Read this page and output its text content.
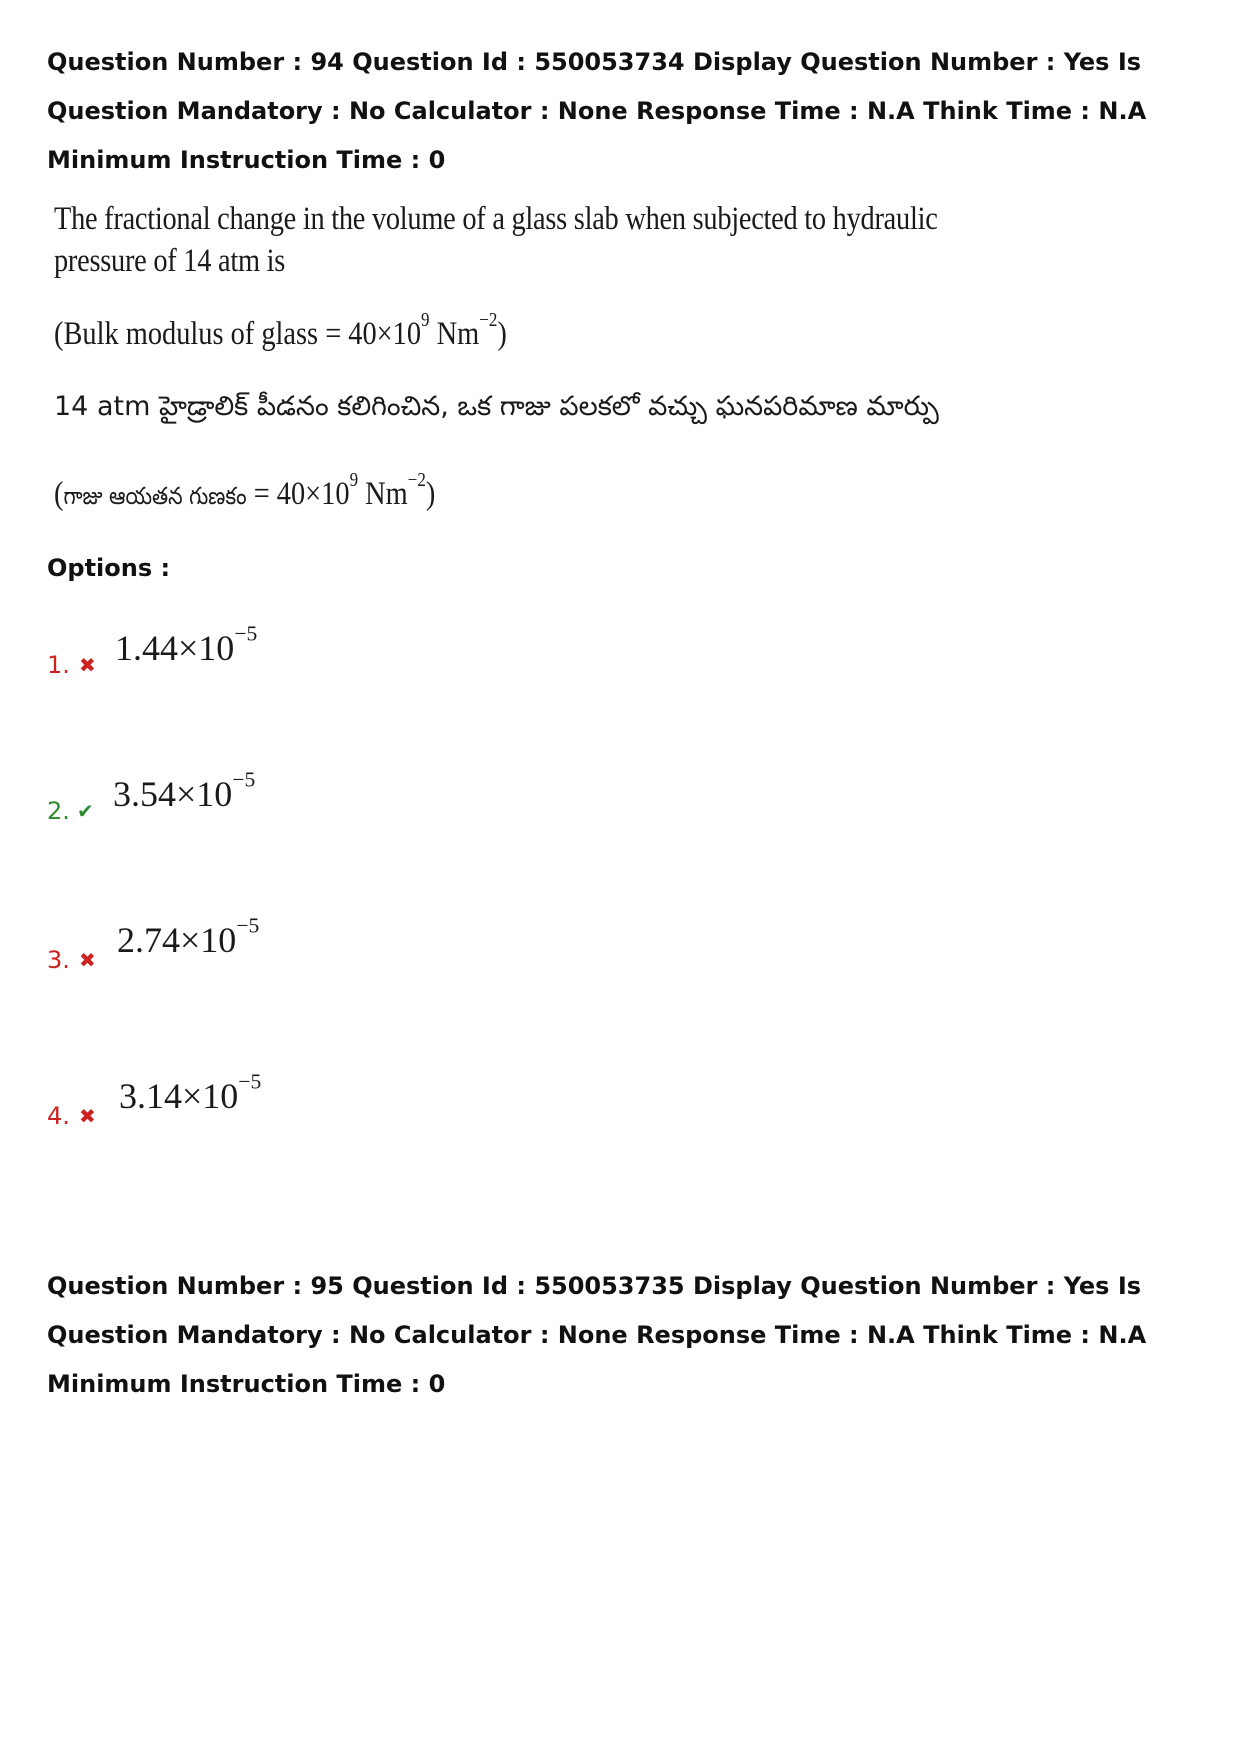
Question Number : 94 Question Id : 550053734 Display Question Number : Yes Is Question Mandatory : No Calculator : None Response Time : N.A Think Time : N.A Minimum Instruction Time : 0

The fractional change in the volume of a glass slab when subjected to hydraulic pressure of 14 atm is
(Bulk modulus of glass = $40\times 10^9$ $Nm^{-2}$)
14 atm హైడ్రాలిక్ పీడనం కలిగించిన, ఒక గాజు పలకలో వచ్చు ఘనపరిమాణ మార్పు
(గాజు ఆయతన గుణకం = $40\times 10^9$ $Nm^{-2}$)
Options :
1. ✖ $1.44\times 10^{-5}$
2. ✔ $3.54\times 10^{-5}$
3. ✖ $2.74\times 10^{-5}$
4. ✖ $3.14\times 10^{-5}$

Question Number : 95 Question Id : 550053735 Display Question Number : Yes Is Question Mandatory : No Calculator : None Response Time : N.A Think Time : N.A Minimum Instruction Time : 0
